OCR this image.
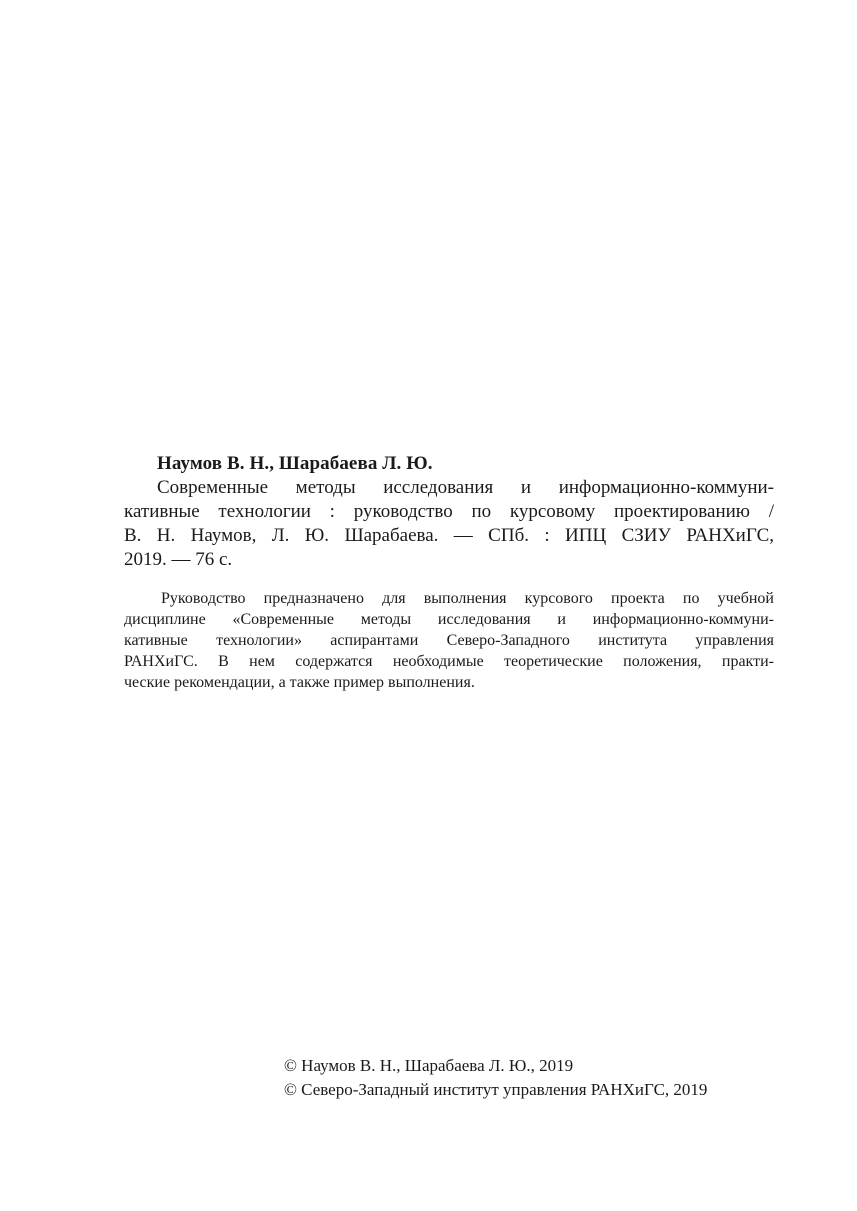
Наумов В. Н., Шарабаева Л. Ю.
Современные методы исследования и информационно-коммуни-
кативные технологии : руководство по курсовому проектированию /
В. Н. Наумов, Л. Ю. Шарабаева. — СПб. : ИПЦ СЗИУ РАНХиГС,
2019. — 76 с.
Руководство предназначено для выполнения курсового проекта по учебной
дисциплине «Современные методы исследования и информационно-коммуни-
кативные технологии» аспирантами Северо-Западного института управления
РАНХиГС. В нем содержатся необходимые теоретические положения, практи-
ческие рекомендации, а также пример выполнения.
© Наумов В. Н., Шарабаева Л. Ю., 2019
© Северо-Западный институт управления РАНХиГС, 2019
